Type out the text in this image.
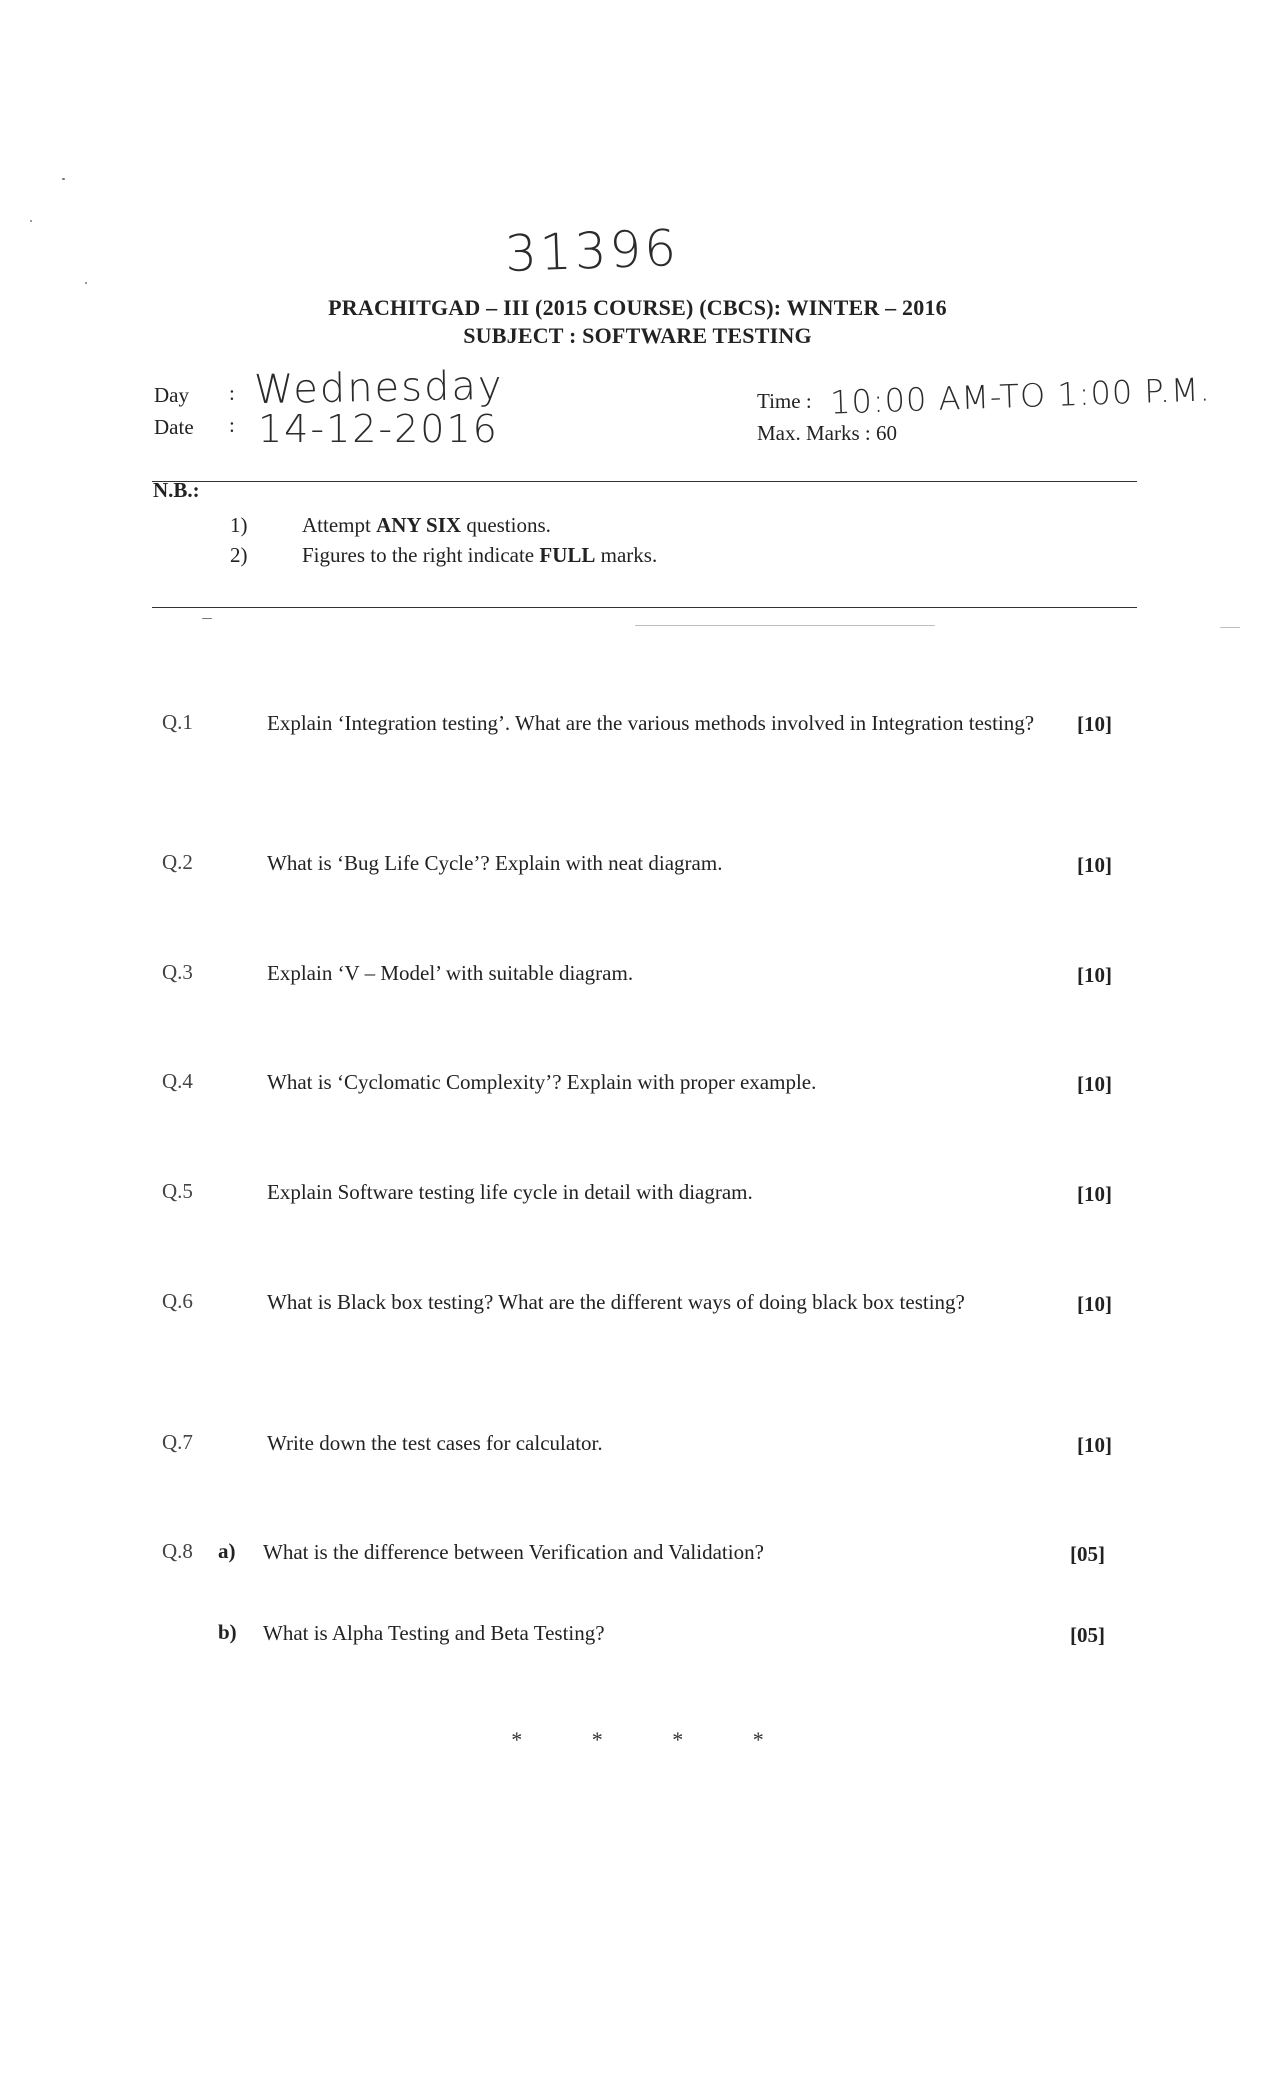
31396
PRACHITGAD – III (2015 COURSE) (CBCS): WINTER – 2016
SUBJECT : SOFTWARE TESTING
Day : Wednesday
Date : 14-12-2016
Time : 10:00 AM-TO 1:00 P.M.
Max. Marks : 60
N.B.:
1)	Attempt ANY SIX questions.
2)	Figures to the right indicate FULL marks.
Q.1	Explain ‘Integration testing’. What are the various methods involved in Integration testing?	[10]
Q.2	What is ‘Bug Life Cycle’? Explain with neat diagram.	[10]
Q.3	Explain ‘V – Model’ with suitable diagram.	[10]
Q.4	What is ‘Cyclomatic Complexity’? Explain with proper example.	[10]
Q.5	Explain Software testing life cycle in detail with diagram.	[10]
Q.6	What is Black box testing? What are the different ways of doing black box testing?	[10]
Q.7	Write down the test cases for calculator.	[10]
Q.8 a) What is the difference between Verification and Validation?	[05]
b) What is Alpha Testing and Beta Testing?	[05]
*	*	*	*
